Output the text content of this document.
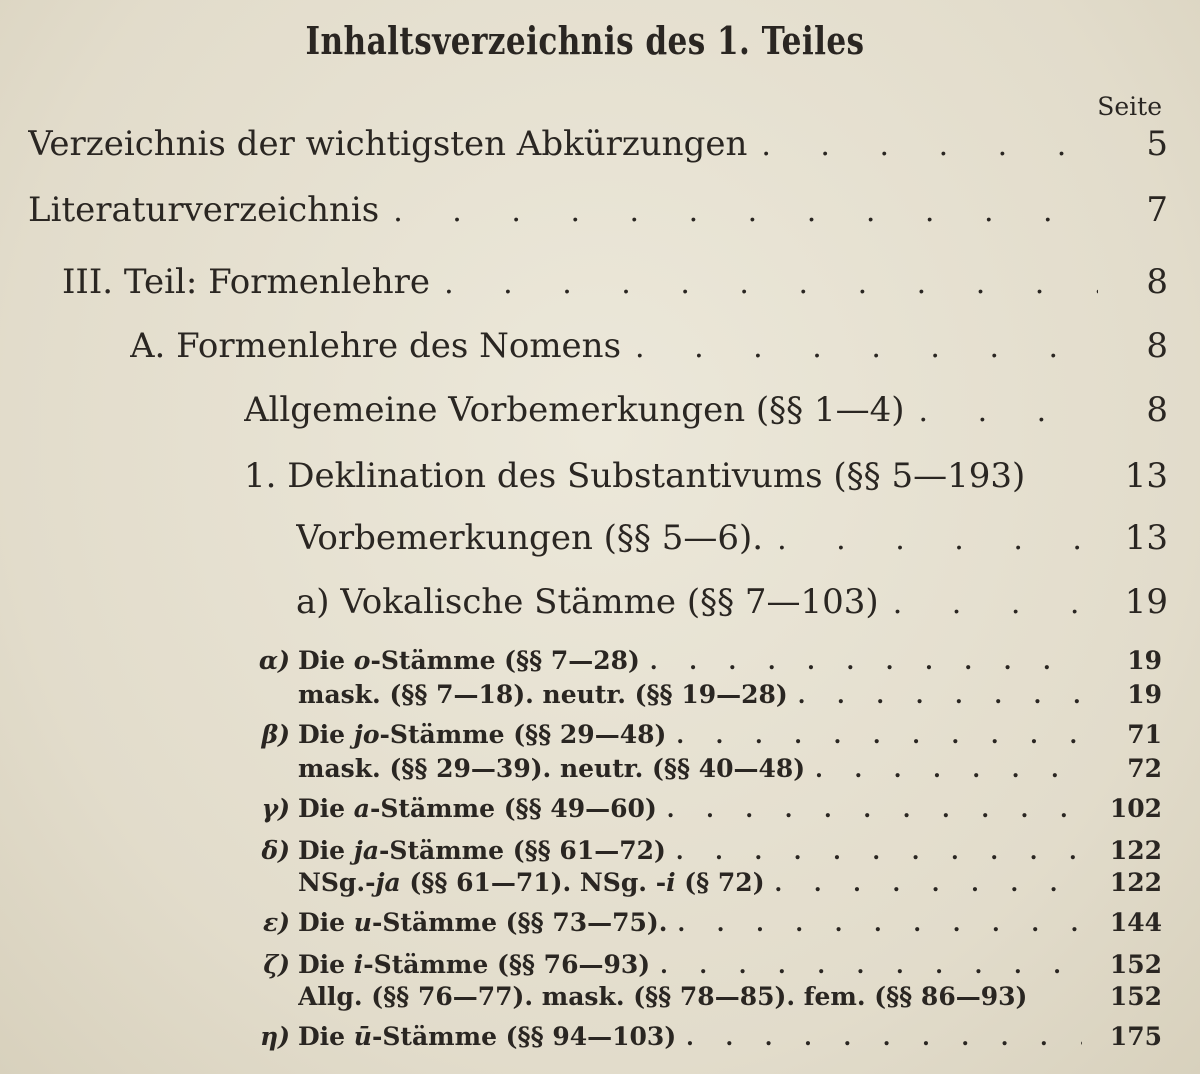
Inhaltsverzeichnis des 1. Teiles
Seite
Verzeichnis der wichtigsten Abkürzungen . . .	5
Literaturverzeichnis . . .	7
III. Teil: Formenlehre . . .	8
A. Formenlehre des Nomens . . .	8
Allgemeine Vorbemerkungen (§§ 1—4) . . .	8
1. Deklination des Substantivums (§§ 5—193)	13
Vorbemerkungen (§§ 5—6). . . .	13
a) Vokalische Stämme (§§ 7—103) . . .	19
α) Die o-Stämme (§§ 7—28) . . .	19
mask. (§§ 7—18). neutr. (§§ 19—28) . . .	19
β) Die jo-Stämme (§§ 29—48) . . .	71
mask. (§§ 29—39). neutr. (§§ 40—48) . . .	72
γ) Die a-Stämme (§§ 49—60) . . .	102
δ) Die ja-Stämme (§§ 61—72) . . .	122
NSg.-ja (§§ 61—71). NSg. -i (§ 72) . . .	122
ε) Die u-Stämme (§§ 73—75). . . .	144
ζ) Die i-Stämme (§§ 76—93) . . .	152
Allg. (§§ 76—77). mask. (§§ 78—85). fem. (§§ 86—93)	152
η) Die ū-Stämme (§§ 94—103) . . .	175
